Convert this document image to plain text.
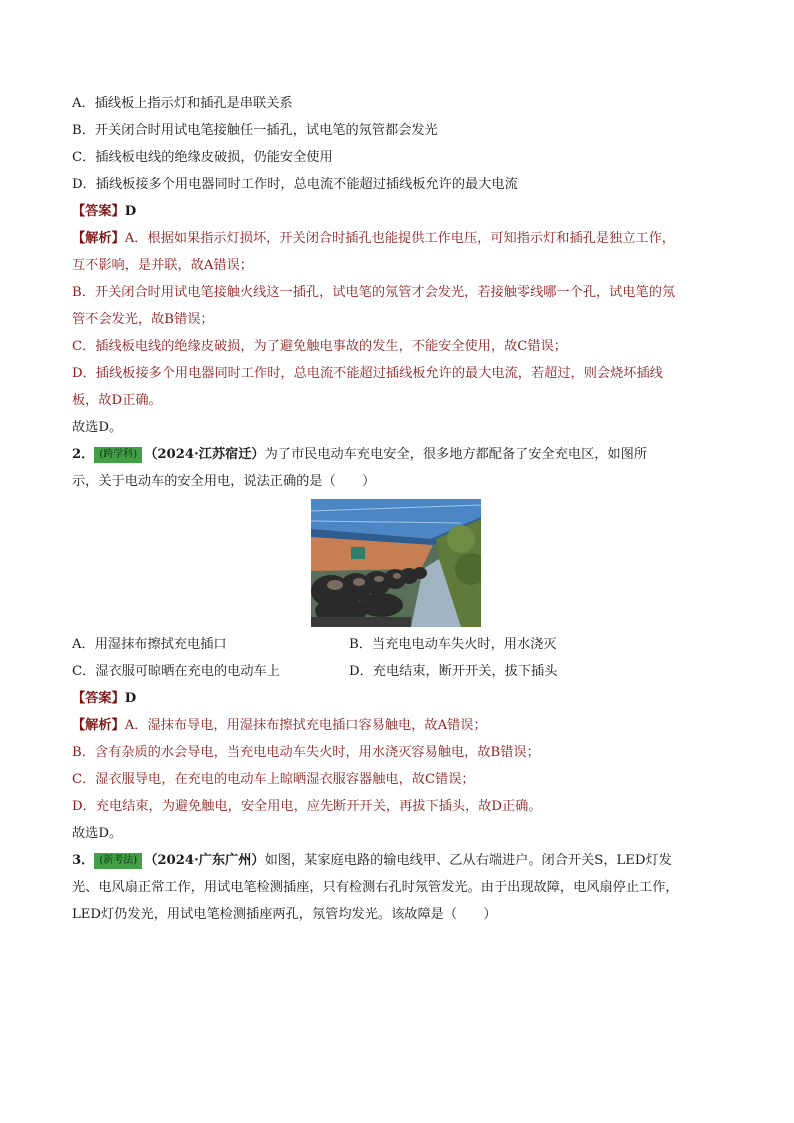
A．插线板上指示灯和插孔是串联关系
B．开关闭合时用试电笔接触任一插孔，试电笔的氖管都会发光
C．插线板电线的绝缘皮破损，仍能安全使用
D．插线板接多个用电器同时工作时，总电流不能超过插线板允许的最大电流
【答案】D
【解析】A．根据如果指示灯损坏，开关闭合时插孔也能提供工作电压，可知指示灯和插孔是独立工作，
互不影响，是并联，故A错误；
B．开关闭合时用试电笔接触火线这一插孔，试电笔的氖管才会发光，若接触零线哪一个孔，试电笔的氖
管不会发光，故B错误；
C．插线板电线的绝缘皮破损，为了避免触电事故的发生，不能安全使用，故C错误；
D．插线板接多个用电器同时工作时，总电流不能超过插线板允许的最大电流，若超过，则会烧坏插线
板，故D正确。
故选D。
2． (跨学科) （2024·江苏宿迁）为了市民电动车充电安全，很多地方都配备了安全充电区，如图所
示，关于电动车的安全用电，说法正确的是（　　）
A．用湿抹布擦拭充电插口	B．当充电电动车失火时，用水浇灭
C．湿衣服可晾晒在充电的电动车上	D．充电结束，断开开关，拔下插头
【答案】D
【解析】A．湿抹布导电，用湿抹布擦拭充电插口容易触电，故A错误；
B．含有杂质的水会导电，当充电电动车失火时，用水浇灭容易触电，故B错误；
C．湿衣服导电，在充电的电动车上晾晒湿衣服容器触电，故C错误；
D．充电结束，为避免触电，安全用电，应先断开开关，再拔下插头，故D正确。
故选D。
3． (新考法) （2024·广东广州）如图，某家庭电路的输电线甲、乙从右端进户。闭合开关S，LED灯发
光、电风扇正常工作，用试电笔检测插座，只有检测右孔时氖管发光。由于出现故障，电风扇停止工作，
LED灯仍发光，用试电笔检测插座两孔，氖管均发光。该故障是（　　）
